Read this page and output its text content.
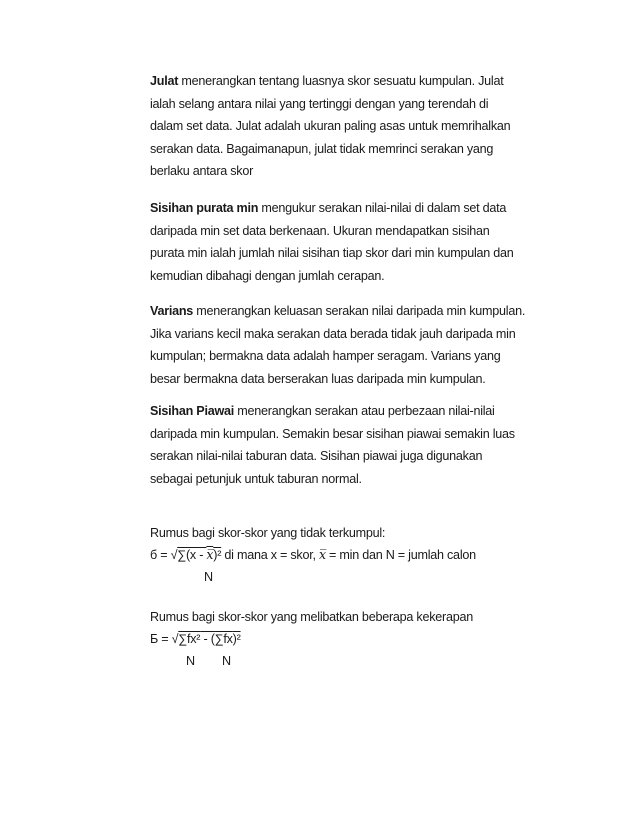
Julat menerangkan tentang luasnya skor sesuatu kumpulan. Julat
ialah selang antara nilai yang tertinggi dengan yang terendah di
dalam set data. Julat adalah ukuran paling asas untuk memrihalkan
serakan data. Bagaimanapun, julat tidak memrinci serakan yang
berlaku antara skor
Sisihan purata min mengukur serakan nilai-nilai di dalam set data
daripada min set data berkenaan. Ukuran mendapatkan sisihan
purata min ialah jumlah nilai sisihan tiap skor dari min kumpulan dan
kemudian dibahagi dengan jumlah cerapan.
Varians menerangkan keluasan serakan nilai daripada min kumpulan.
Jika varians kecil maka serakan data berada tidak jauh daripada min
kumpulan; bermakna data adalah hamper seragam. Varians yang
besar bermakna data berserakan luas daripada min kumpulan.
Sisihan Piawai menerangkan serakan atau perbezaan nilai-nilai
daripada min kumpulan. Semakin besar sisihan piawai semakin luas
serakan nilai-nilai taburan data. Sisihan piawai juga digunakan
sebagai petunjuk untuk taburan normal.
Rumus bagi skor-skor yang tidak terkumpul:
б = √∑(x - x̅)² di mana x = skor, x̅ = min dan N = jumlah calon
N
Rumus bagi skor-skor yang melibatkan beberapa kekerapan
Б = √∑fx² - (∑fx)²
N N
